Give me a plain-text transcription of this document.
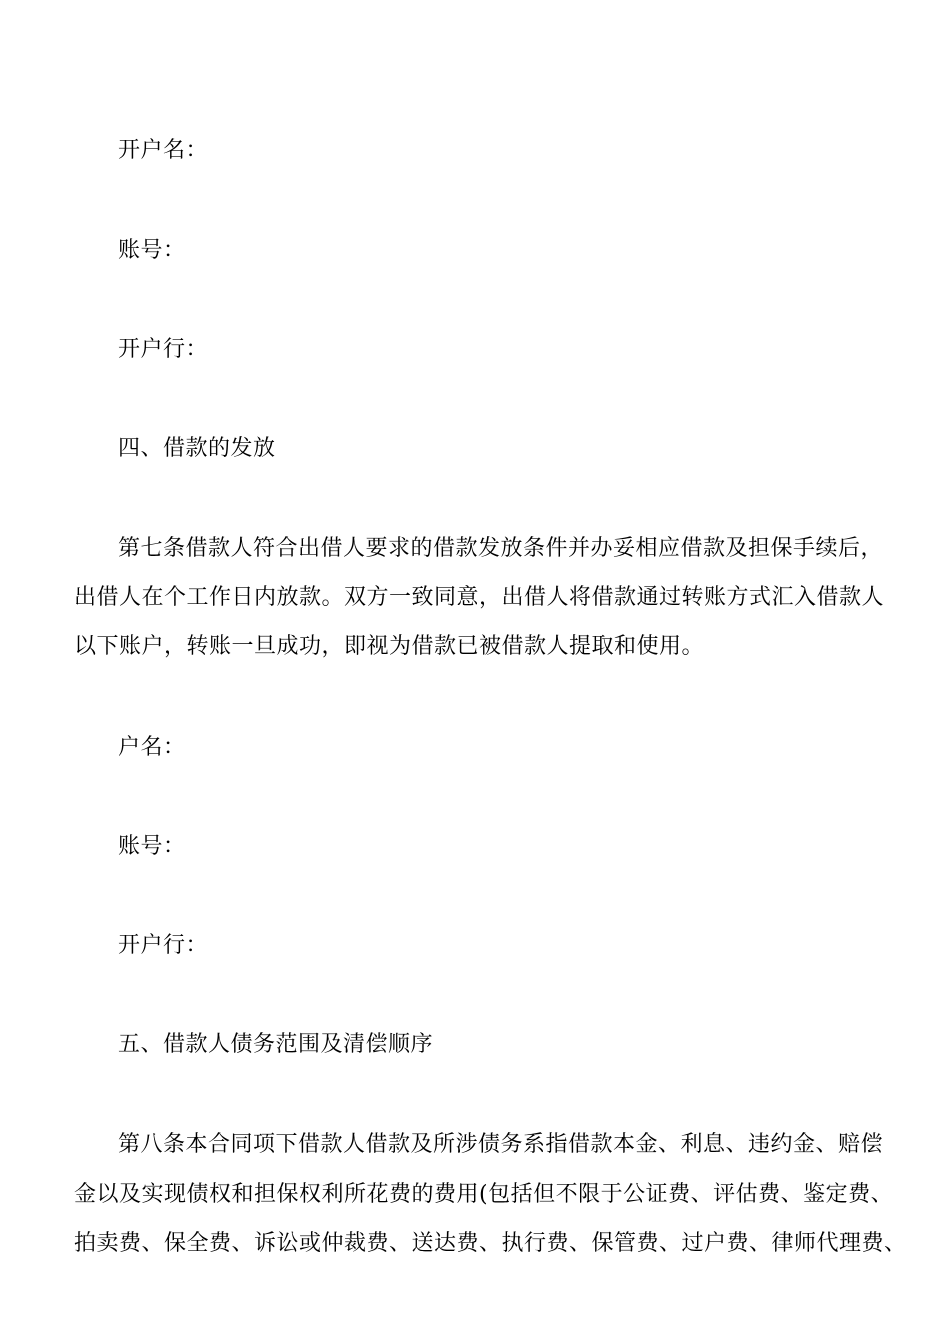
开户名：
账号：
开户行：
四、借款的发放
第七条借款人符合出借人要求的借款发放条件并办妥相应借款及担保手续后，
出借人在个工作日内放款。双方一致同意，出借人将借款通过转账方式汇入借款人
以下账户，转账一旦成功，即视为借款已被借款人提取和使用。
户名：
账号：
开户行：
五、借款人债务范围及清偿顺序
第八条本合同项下借款人借款及所涉债务系指借款本金、利息、违约金、赔偿
金以及实现债权和担保权利所花费的费用(包括但不限于公证费、评估费、鉴定费、
拍卖费、保全费、诉讼或仲裁费、送达费、执行费、保管费、过户费、律师代理费、
